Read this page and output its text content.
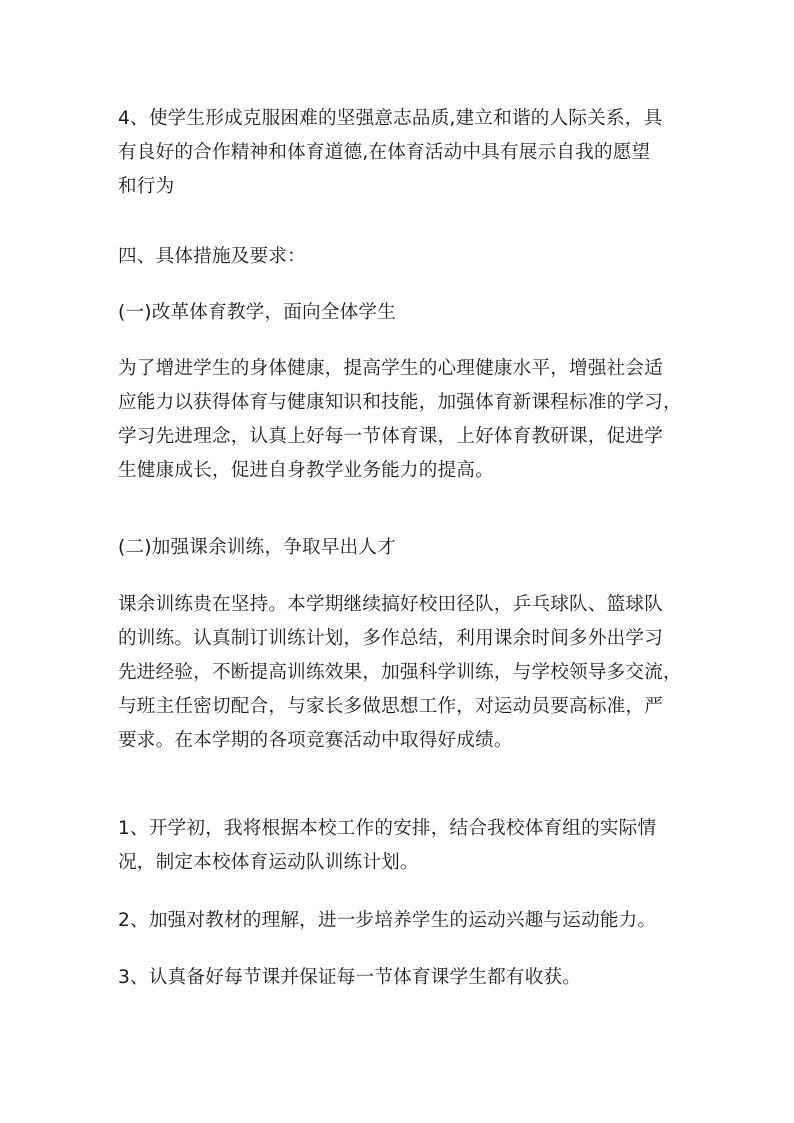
4、使学生形成克服困难的坚强意志品质,建立和谐的人际关系，具
有良好的合作精神和体育道德,在体育活动中具有展示自我的愿望
和行为

四、具体措施及要求：

(一)改革体育教学，面向全体学生

为了增进学生的身体健康，提高学生的心理健康水平，增强社会适
应能力以获得体育与健康知识和技能，加强体育新课程标准的学习，
学习先进理念，认真上好每一节体育课，上好体育教研课，促进学
生健康成长，促进自身教学业务能力的提高。

(二)加强课余训练，争取早出人才

课余训练贵在坚持。本学期继续搞好校田径队，乒乓球队、篮球队
的训练。认真制订训练计划，多作总结，利用课余时间多外出学习
先进经验，不断提高训练效果，加强科学训练，与学校领导多交流，
与班主任密切配合，与家长多做思想工作，对运动员要高标准，严
要求。在本学期的各项竞赛活动中取得好成绩。

1、开学初，我将根据本校工作的安排，结合我校体育组的实际情
况，制定本校体育运动队训练计划。

2、加强对教材的理解，进一步培养学生的运动兴趣与运动能力。

3、认真备好每节课并保证每一节体育课学生都有收获。
